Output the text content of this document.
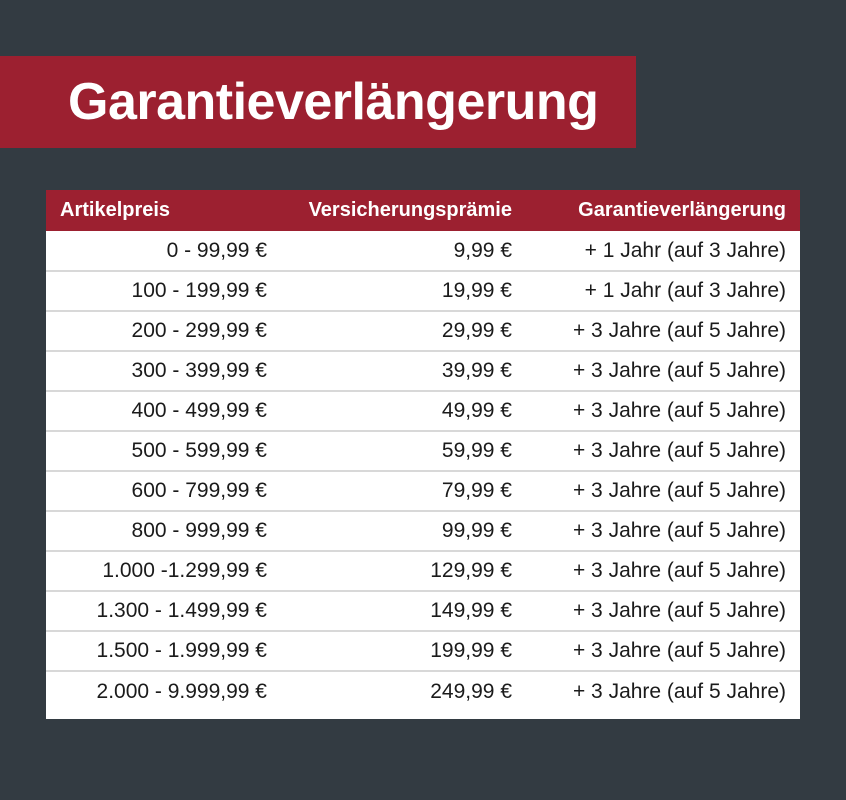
Garantieverlängerung
Artikelpreis	Versicherungsprämie	Garantieverlängerung
0 - 99,99 €	9,99 €	+ 1 Jahr (auf 3 Jahre)
100 - 199,99 €	19,99 €	+ 1 Jahr (auf 3 Jahre)
200 - 299,99 €	29,99 €	+ 3 Jahre (auf 5 Jahre)
300 - 399,99 €	39,99 €	+ 3 Jahre (auf 5 Jahre)
400 - 499,99 €	49,99 €	+ 3 Jahre (auf 5 Jahre)
500 - 599,99 €	59,99 €	+ 3 Jahre (auf 5 Jahre)
600 - 799,99 €	79,99 €	+ 3 Jahre (auf 5 Jahre)
800 - 999,99 €	99,99 €	+ 3 Jahre (auf 5 Jahre)
1.000 -1.299,99 €	129,99 €	+ 3 Jahre (auf 5 Jahre)
1.300 - 1.499,99 €	149,99 €	+ 3 Jahre (auf 5 Jahre)
1.500 - 1.999,99 €	199,99 €	+ 3 Jahre (auf 5 Jahre)
2.000 - 9.999,99 €	249,99 €	+ 3 Jahre (auf 5 Jahre)
